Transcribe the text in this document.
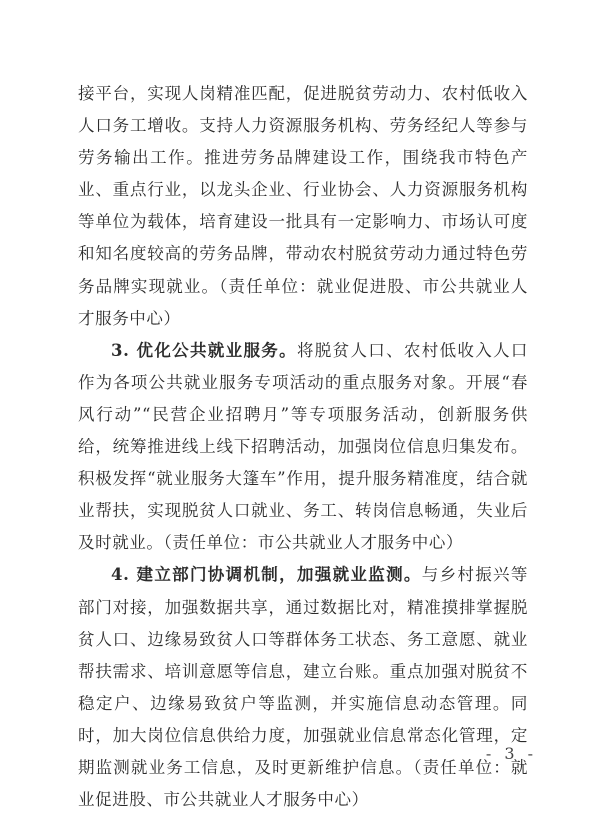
接平台，实现人岗精准匹配，促进脱贫劳动力、农村低收入人口务工增收。支持人力资源服务机构、劳务经纪人等参与劳务输出工作。推进劳务品牌建设工作，围绕我市特色产业、重点行业，以龙头企业、行业协会、人力资源服务机构等单位为载体，培育建设一批具有一定影响力、市场认可度和知名度较高的劳务品牌，带动农村脱贫劳动力通过特色劳务品牌实现就业。（责任单位：就业促进股、市公共就业人才服务中心）

3. 优化公共就业服务。将脱贫人口、农村低收入人口作为各项公共就业服务专项活动的重点服务对象。开展“春风行动”“民营企业招聘月”等专项服务活动，创新服务供给，统筹推进线上线下招聘活动，加强岗位信息归集发布。积极发挥“就业服务大篷车”作用，提升服务精准度，结合就业帮扶，实现脱贫人口就业、务工、转岗信息畅通，失业后及时就业。（责任单位：市公共就业人才服务中心）

4. 建立部门协调机制，加强就业监测。与乡村振兴等部门对接，加强数据共享，通过数据比对，精准摸排掌握脱贫人口、边缘易致贫人口等群体务工状态、务工意愿、就业帮扶需求、培训意愿等信息，建立台账。重点加强对脱贫不稳定户、边缘易致贫户等监测，并实施信息动态管理。同时，加大岗位信息供给力度，加强就业信息常态化管理，定期监测就业务工信息，及时更新维护信息。（责任单位：就业促进股、市公共就业人才服务中心）

- 3 -
